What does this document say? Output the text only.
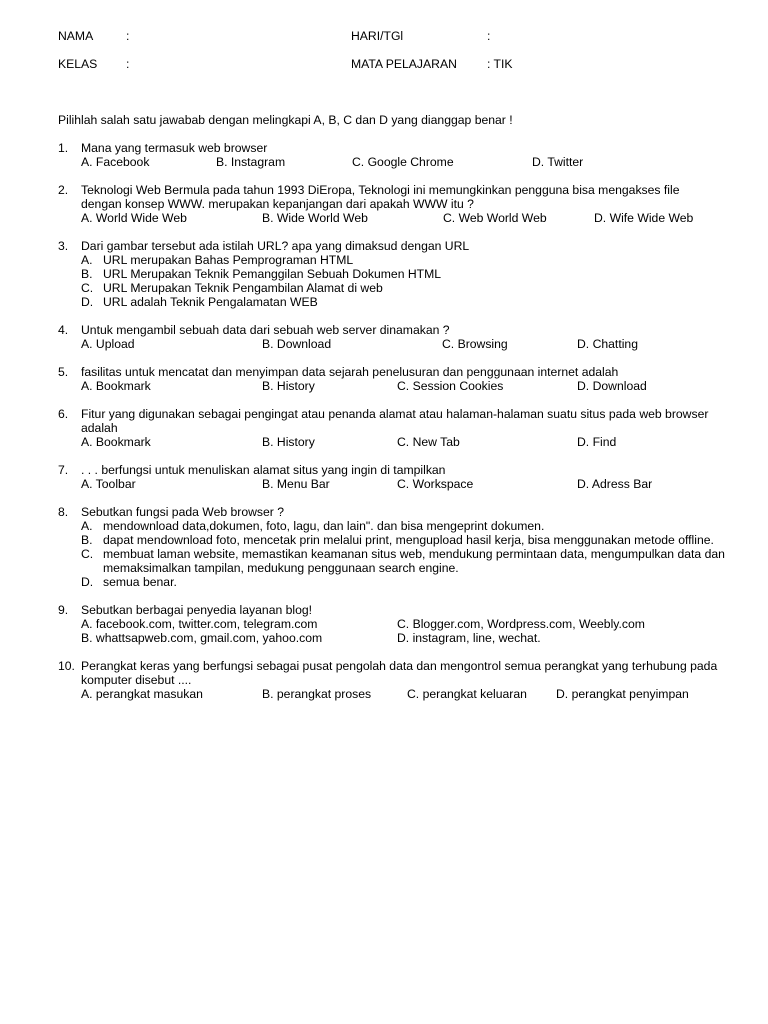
NAMA	:	HARI/TGl	:
KELAS :	MATA PELAJARAN : TIK
Pilihlah salah satu jawabab dengan melingkapi A, B, C dan D yang dianggap benar !
1.	Mana yang termasuk web browser
A. Facebook	B. Instagram	C. Google Chrome	D. Twitter
2.	Teknologi Web Bermula pada tahun 1993 DiEropa, Teknologi ini memungkinkan pengguna bisa mengakses file
dengan konsep WWW. merupakan kepanjangan dari apakah WWW itu ?
A. World Wide Web	B. Wide World Web	C. Web World Web	D. Wife Wide Web
3.	Dari gambar tersebut ada istilah URL? apa yang dimaksud dengan URL
A. URL merupakan Bahas Pemprograman HTML
B. URL Merupakan Teknik Pemanggilan Sebuah Dokumen HTML
C. URL Merupakan Teknik Pengambilan Alamat di web
D. URL adalah Teknik Pengalamatan WEB
4.	Untuk mengambil sebuah data dari sebuah web server dinamakan ?
A. Upload	B. Download	C. Browsing	D. Chatting
5.	fasilitas untuk mencatat dan menyimpan data sejarah penelusuran dan penggunaan internet adalah
A. Bookmark	B. History	C. Session Cookies	D. Download
6.	Fitur yang digunakan sebagai pengingat atau penanda alamat atau halaman-halaman suatu situs pada web browser
adalah
A. Bookmark	B. History	C. New Tab	D. Find
7.	. . . berfungsi untuk menuliskan alamat situs yang ingin di tampilkan
A. Toolbar	B. Menu Bar	C. Workspace	D. Adress Bar
8.	Sebutkan fungsi pada Web browser ?
A. mendownload data,dokumen, foto, lagu, dan lain". dan bisa mengeprint dokumen.
B. dapat mendownload foto, mencetak prin melalui print, mengupload hasil kerja, bisa menggunakan metode offline.
C. membuat laman website, memastikan keamanan situs web, mendukung permintaan data, mengumpulkan data dan memaksimalkan tampilan, medukung penggunaan search engine.
D. semua benar.
9.	Sebutkan berbagai penyedia layanan blog!
A. facebook.com, twitter.com, telegram.com	C. Blogger.com, Wordpress.com, Weebly.com
B. whattsapweb.com, gmail.com, yahoo.com	D. instagram, line, wechat.
10. Perangkat keras yang berfungsi sebagai pusat pengolah data dan mengontrol semua perangkat yang terhubung pada
komputer disebut ....
A. perangkat masukan	B. perangkat proses	C. perangkat keluaran D. perangkat penyimpan
